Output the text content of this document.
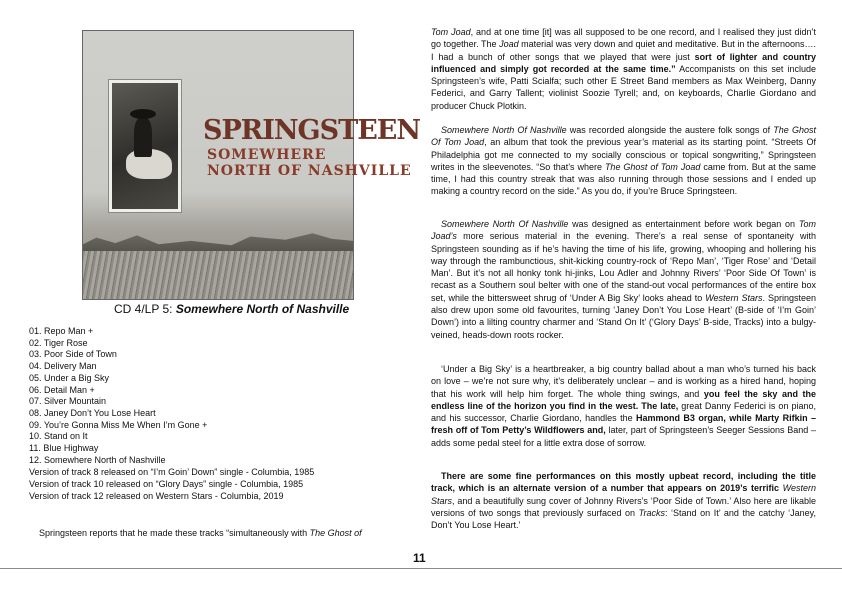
SPRINGSTEEN
SOMEWHERE
NORTH OF NASHVILLE
CD 4/LP 5: Somewhere North of Nashville
01. Repo Man +
02. Tiger Rose
03. Poor Side of Town
04. Delivery Man
05. Under a Big Sky
06. Detail Man +
07. Silver Mountain
08. Janey Don’t You Lose Heart
09. You’re Gonna Miss Me When I’m Gone +
10. Stand on It
11. Blue Highway
12. Somewhere North of Nashville
Version of track 8 released on “I’m Goin’ Down” single - Columbia, 1985
Version of track 10 released on “Glory Days” single - Columbia, 1985
Version of track 12 released on Western Stars - Columbia, 2019

Springsteen reports that he made these tracks “simultaneously with The Ghost of

Tom Joad, and at one time [it] was all supposed to be one record, and I realised they just didn’t go together. The Joad material was very down and quiet and meditative. But in the afternoons…. I had a bunch of other songs that we played that were just sort of lighter and country influenced and simply got recorded at the same time.” Accompanists on this set include Springsteen’s wife, Patti Scialfa; such other E Street Band members as Max Weinberg, Danny Federici, and Garry Tallent; violinist Soozie Tyrell; and, on keyboards, Charlie Giordano and producer Chuck Plotkin.

Somewhere North Of Nashville was recorded alongside the austere folk songs of The Ghost Of Tom Joad, an album that took the previous year’s material as its starting point. “Streets Of Philadelphia got me connected to my socially conscious or topical songwriting,” Springsteen writes in the sleevenotes. “So that’s where The Ghost of Tom Joad came from. But at the same time, I had this country streak that was also running through those sessions and I ended up making a country record on the side.” As you do, if you’re Bruce Springsteen.

Somewhere North Of Nashville was designed as entertainment before work began on Tom Joad’s more serious material in the evening. There’s a real sense of spontaneity with Springsteen sounding as if he’s having the time of his life, growing, whooping and hollering his way through the rambunctious, shit-kicking country-rock of ‘Repo Man’, ‘Tiger Rose’ and ‘Detail Man’. But it’s not all honky tonk hi-jinks, Lou Adler and Johnny Rivers’ ‘Poor Side Of Town’ is recast as a Southern soul belter with one of the stand-out vocal performances of the entire box set, while the bittersweet shrug of ‘Under A Big Sky’ looks ahead to Western Stars. Springsteen also drew upon some old favourites, turning ‘Janey Don’t You Lose Heart’ (B-side of ‘I’m Goin’ Down’) into a lilting country charmer and ‘Stand On It’ (‘Glory Days’ B-side, Tracks) into a bulgy-veined, heads-down roots rocker.

‘Under a Big Sky’ is a heartbreaker, a big country ballad about a man who’s turned his back on love – we’re not sure why, it’s deliberately unclear – and is working as a hired hand, hoping that his work will help him forget. The whole thing swings, and you feel the sky and the endless line of the horizon you find in the west. The late, great Danny Federici is on piano, and his successor, Charlie Giordano, handles the Hammond B3 organ, while Marty Rifkin – fresh off of Tom Petty’s Wildflowers and, later, part of Springsteen’s Seeger Sessions Band – adds some pedal steel for a little extra dose of sorrow.

There are some fine performances on this mostly upbeat record, including the title track, which is an alternate version of a number that appears on 2019’s terrific Western Stars, and a beautifully sung cover of Johnny Rivers’s ‘Poor Side of Town.’ Also here are likable versions of two songs that previously surfaced on Tracks: ‘Stand on It’ and the catchy ‘Janey, Don’t You Lose Heart.’

11
